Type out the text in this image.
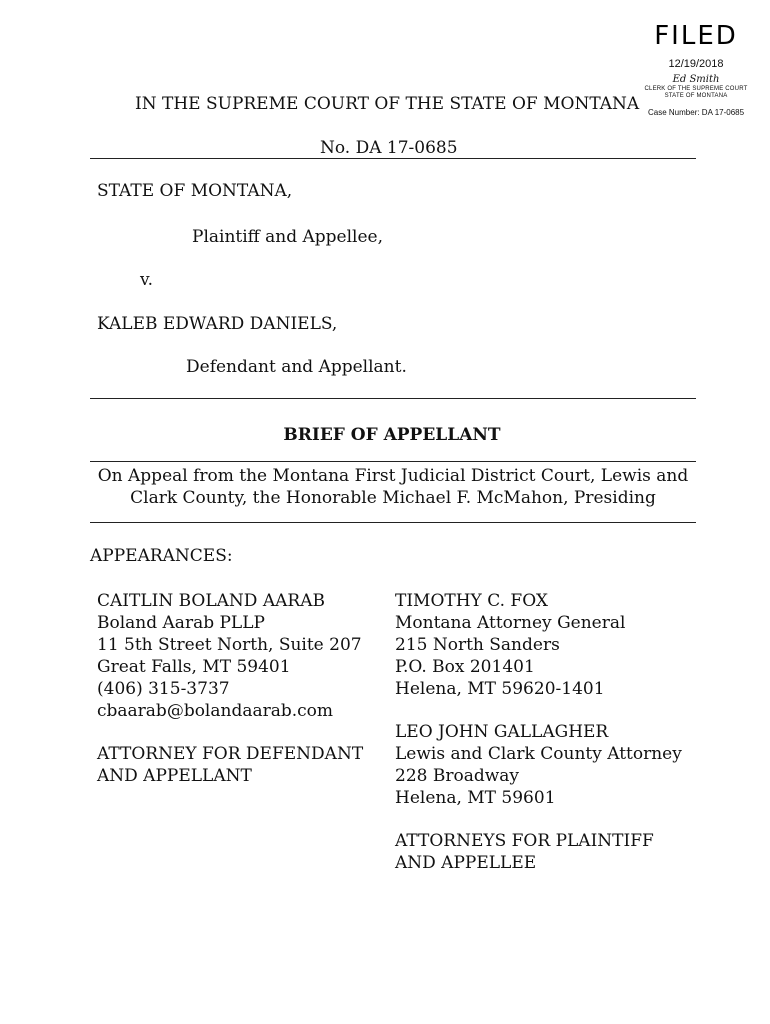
FILED
12/19/2018
Ed Smith
CLERK OF THE SUPREME COURT
STATE OF MONTANA
Case Number: DA 17-0685
IN THE SUPREME COURT OF THE STATE OF MONTANA
No. DA 17-0685
STATE OF MONTANA,
Plaintiff and Appellee,
v.
KALEB EDWARD DANIELS,
Defendant and Appellant.
BRIEF OF APPELLANT
On Appeal from the Montana First Judicial District Court, Lewis and
Clark County, the Honorable Michael F. McMahon, Presiding
APPEARANCES:
CAITLIN BOLAND AARAB
Boland Aarab PLLP
11 5th Street North, Suite 207
Great Falls, MT 59401
(406) 315-3737
cbaarab@bolandaarab.com
ATTORNEY FOR DEFENDANT
AND APPELLANT
TIMOTHY C. FOX
Montana Attorney General
215 North Sanders
P.O. Box 201401
Helena, MT 59620-1401
LEO JOHN GALLAGHER
Lewis and Clark County Attorney
228 Broadway
Helena, MT 59601
ATTORNEYS FOR PLAINTIFF
AND APPELLEE
